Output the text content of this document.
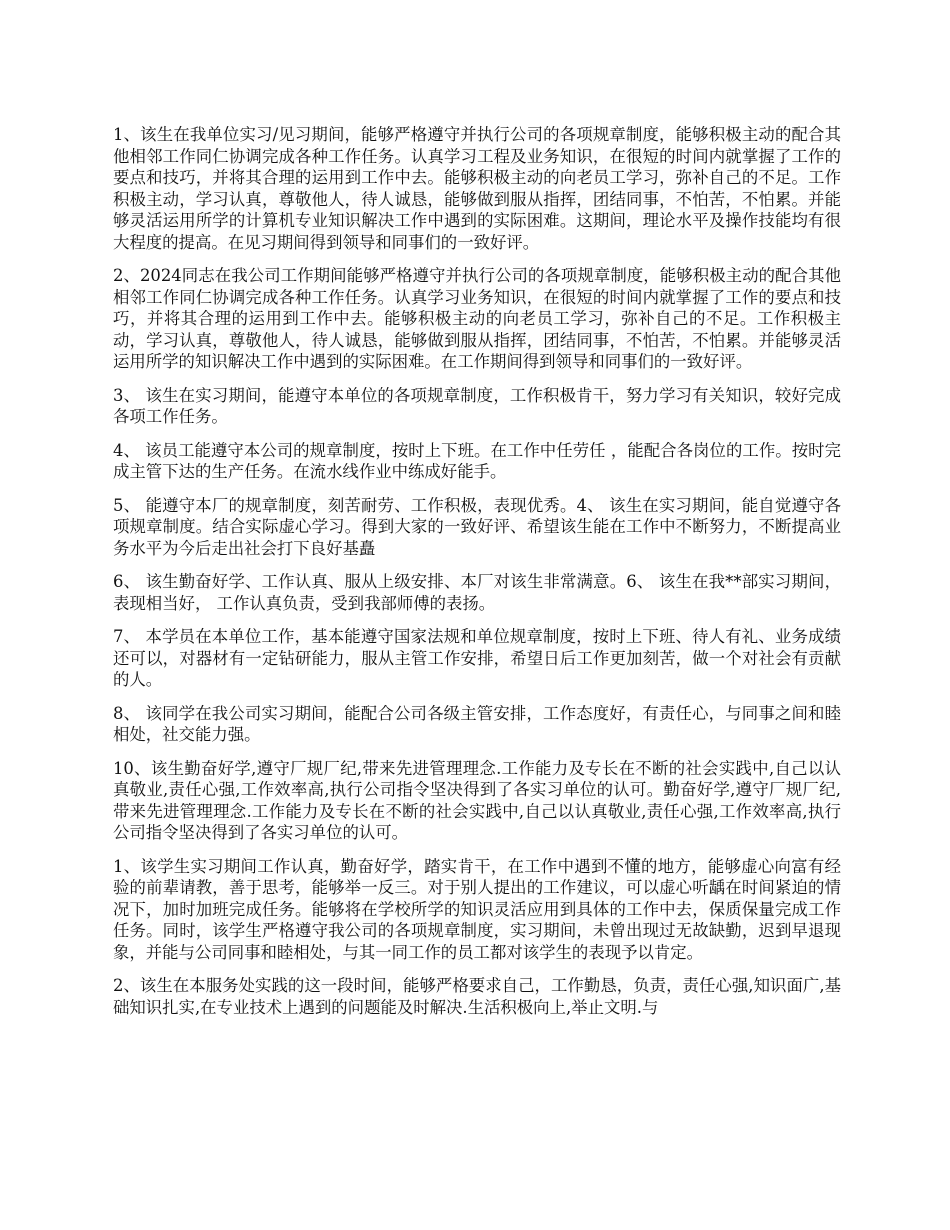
1、该生在我单位实习/见习期间，能够严格遵守并执行公司的各项规章制度，能够积极主动的配合其他相邻工作同仁协调完成各种工作任务。认真学习工程及业务知识，在很短的时间内就掌握了工作的要点和技巧，并将其合理的运用到工作中去。能够积极主动的向老员工学习，弥补自己的不足。工作积极主动，学习认真，尊敬他人，待人诚恳，能够做到服从指挥，团结同事，不怕苦，不怕累。并能够灵活运用所学的计算机专业知识解决工作中遇到的实际困难。这期间，理论水平及操作技能均有很大程度的提高。在见习期间得到领导和同事们的一致好评。

2、2024同志在我公司工作期间能够严格遵守并执行公司的各项规章制度，能够积极主动的配合其他相邻工作同仁协调完成各种工作任务。认真学习业务知识，在很短的时间内就掌握了工作的要点和技巧，并将其合理的运用到工作中去。能够积极主动的向老员工学习，弥补自己的不足。工作积极主动，学习认真，尊敬他人，待人诚恳，能够做到服从指挥，团结同事，不怕苦，不怕累。并能够灵活运用所学的知识解决工作中遇到的实际困难。在工作期间得到领导和同事们的一致好评。

3、 该生在实习期间，能遵守本单位的各项规章制度，工作积极肯干，努力学习有关知识，较好完成各项工作任务。

4、 该员工能遵守本公司的规章制度，按时上下班。在工作中任劳任 ，能配合各岗位的工作。按时完成主管下达的生产任务。在流水线作业中练成好能手。

5、 能遵守本厂的规章制度，刻苦耐劳、工作积极，表现优秀。4、 该生在实习期间，能自觉遵守各项规章制度。结合实际虚心学习。得到大家的一致好评、希望该生能在工作中不断努力，不断提高业务水平为今后走出社会打下良好基矗

6、 该生勤奋好学、工作认真、服从上级安排、本厂对该生非常满意。6、 该生在我**部实习期间，表现相当好， 工作认真负责，受到我部师傅的表扬。

7、 本学员在本单位工作，基本能遵守国家法规和单位规章制度，按时上下班、待人有礼、业务成绩还可以，对器材有一定钻研能力，服从主管工作安排，希望日后工作更加刻苦，做一个对社会有贡献的人。

8、 该同学在我公司实习期间，能配合公司各级主管安排，工作态度好，有责任心，与同事之间和睦相处，社交能力强。

10、该生勤奋好学,遵守厂规厂纪,带来先进管理理念.工作能力及专长在不断的社会实践中,自己以认真敬业,责任心强,工作效率高,执行公司指令坚决得到了各实习单位的认可。勤奋好学,遵守厂规厂纪,带来先进管理理念.工作能力及专长在不断的社会实践中,自己以认真敬业,责任心强,工作效率高,执行公司指令坚决得到了各实习单位的认可。

1、该学生实习期间工作认真，勤奋好学，踏实肯干，在工作中遇到不懂的地方，能够虚心向富有经验的前辈请教，善于思考，能够举一反三。对于别人提出的工作建议，可以虚心听龋在时间紧迫的情况下，加时加班完成任务。能够将在学校所学的知识灵活应用到具体的工作中去，保质保量完成工作任务。同时，该学生严格遵守我公司的各项规章制度，实习期间，未曾出现过无故缺勤，迟到早退现象，并能与公司同事和睦相处，与其一同工作的员工都对该学生的表现予以肯定。

2、该生在本服务处实践的这一段时间，能够严格要求自己，工作勤恳，负责，责任心强,知识面广,基础知识扎实,在专业技术上遇到的问题能及时解决.生活积极向上,举止文明.与
